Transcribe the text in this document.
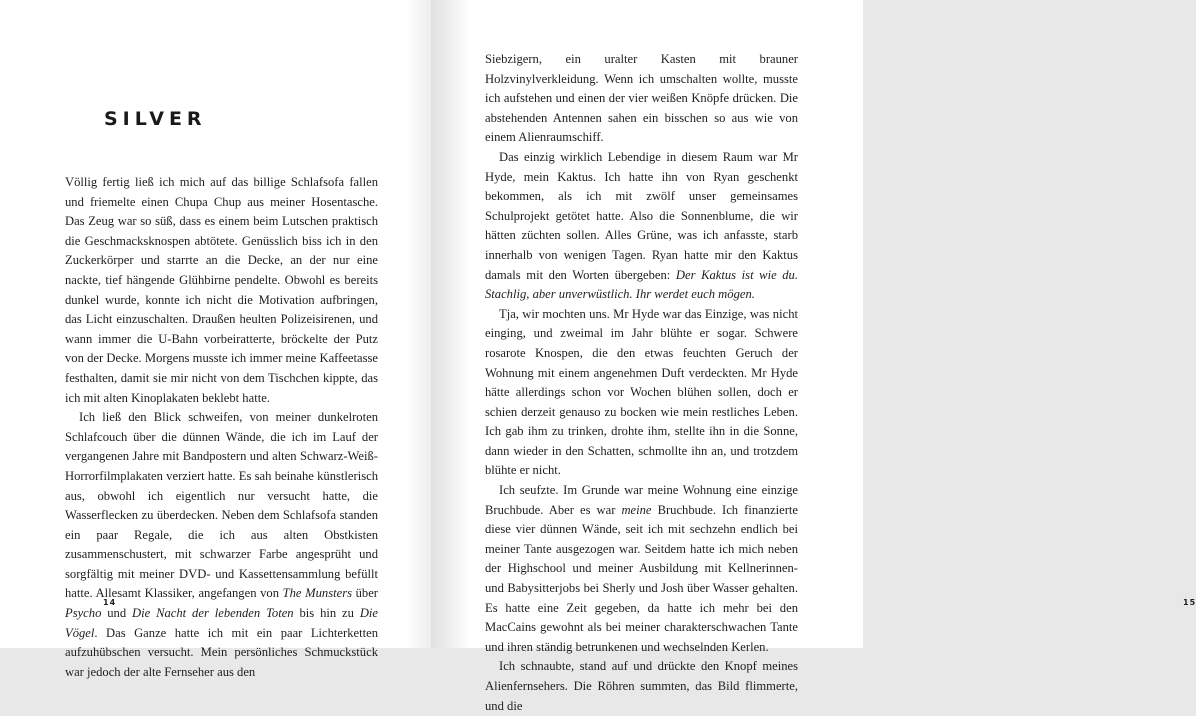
SILVER

Völlig fertig ließ ich mich auf das billige Schlafsofa fallen und friemelte einen Chupa Chup aus meiner Hosentasche. Das Zeug war so süß, dass es einem beim Lutschen praktisch die Geschmacksknospen abtötete. Genüsslich biss ich in den Zuckerkörper und starrte an die Decke, an der nur eine nackte, tief hängende Glühbirne pendelte. Obwohl es bereits dunkel wurde, konnte ich nicht die Motivation aufbringen, das Licht einzuschalten. Draußen heulten Polizeisirenen, und wann immer die U-Bahn vorbeiratterte, bröckelte der Putz von der Decke. Morgens musste ich immer meine Kaffeetasse festhalten, damit sie mir nicht von dem Tischchen kippte, das ich mit alten Kinoplakaten beklebt hatte.

Ich ließ den Blick schweifen, von meiner dunkelroten Schlafcouch über die dünnen Wände, die ich im Lauf der vergangenen Jahre mit Bandpostern und alten Schwarz-Weiß-Horrorfilmplakaten verziert hatte. Es sah beinahe künstlerisch aus, obwohl ich eigentlich nur versucht hatte, die Wasserflecken zu überdecken. Neben dem Schlafsofa standen ein paar Regale, die ich aus alten Obstkisten zusammenschustert, mit schwarzer Farbe angesprüht und sorgfältig mit meiner DVD- und Kassettensammlung befüllt hatte. Allesamt Klassiker, angefangen von The Munsters über Psycho und Die Nacht der lebenden Toten bis hin zu Die Vögel. Das Ganze hatte ich mit ein paar Lichterketten aufzuhübschen versucht. Mein persönliches Schmuckstück war jedoch der alte Fernseher aus den

14	15

Siebzigern, ein uralter Kasten mit brauner Holzvinylverkleidung. Wenn ich umschalten wollte, musste ich aufstehen und einen der vier weißen Knöpfe drücken. Die abstehenden Antennen sahen ein bisschen so aus wie von einem Alienraumschiff.

Das einzig wirklich Lebendige in diesem Raum war Mr Hyde, mein Kaktus. Ich hatte ihn von Ryan geschenkt bekommen, als ich mit zwölf unser gemeinsames Schulprojekt getötet hatte. Also die Sonnenblume, die wir hätten züchten sollen. Alles Grüne, was ich anfasste, starb innerhalb von wenigen Tagen. Ryan hatte mir den Kaktus damals mit den Worten übergeben: Der Kaktus ist wie du. Stachlig, aber unverwüstlich. Ihr werdet euch mögen.

Tja, wir mochten uns. Mr Hyde war das Einzige, was nicht einging, und zweimal im Jahr blühte er sogar. Schwere rosarote Knospen, die den etwas feuchten Geruch der Wohnung mit einem angenehmen Duft verdeckten. Mr Hyde hätte allerdings schon vor Wochen blühen sollen, doch er schien derzeit genauso zu bocken wie mein restliches Leben. Ich gab ihm zu trinken, drohte ihm, stellte ihn in die Sonne, dann wieder in den Schatten, schmollte ihn an, und trotzdem blühte er nicht.

Ich seufzte. Im Grunde war meine Wohnung eine einzige Bruchbude. Aber es war meine Bruchbude. Ich finanzierte diese vier dünnen Wände, seit ich mit sechzehn endlich bei meiner Tante ausgezogen war. Seitdem hatte ich mich neben der Highschool und meiner Ausbildung mit Kellnerinnen- und Babysitterjobs bei Sherly und Josh über Wasser gehalten. Es hatte eine Zeit gegeben, da hatte ich mehr bei den MacCains gewohnt als bei meiner charakterschwachen Tante und ihren ständig betrunkenen und wechselnden Kerlen.

Ich schnaubte, stand auf und drückte den Knopf meines Alienfernsehers. Die Röhren summten, das Bild flimmerte, und die
